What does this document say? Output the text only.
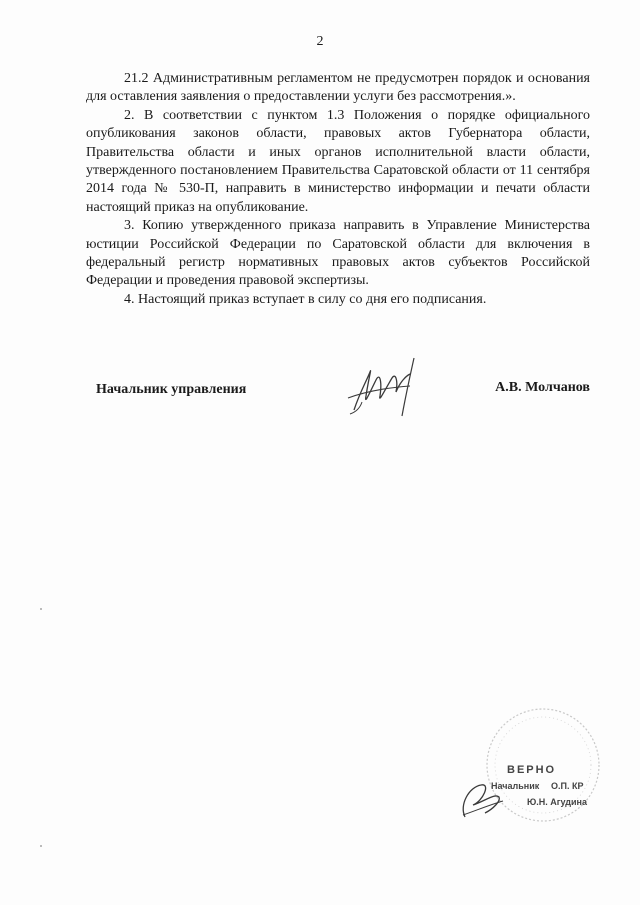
2

21.2 Административным регламентом не предусмотрен порядок и основания для оставления заявления о предоставлении услуги без рассмотрения.».

2. В соответствии с пунктом 1.3 Положения о порядке официального опубликования законов области, правовых актов Губернатора области, Правительства области и иных органов исполнительной власти области, утвержденного постановлением Правительства Саратовской области от 11 сентября 2014 года № 530-П, направить в министерство информации и печати области настоящий приказ на опубликование.

3. Копию утвержденного приказа направить в Управление Министерства юстиции Российской Федерации по Саратовской области для включения в федеральный регистр нормативных правовых актов субъектов Российской Федерации и проведения правовой экспертизы.

4. Настоящий приказ вступает в силу со дня его подписания.

Начальник управления	А.В. Молчанов
ВЕРНО
Начальник О.П. КР
Ю.Н. Агудина
